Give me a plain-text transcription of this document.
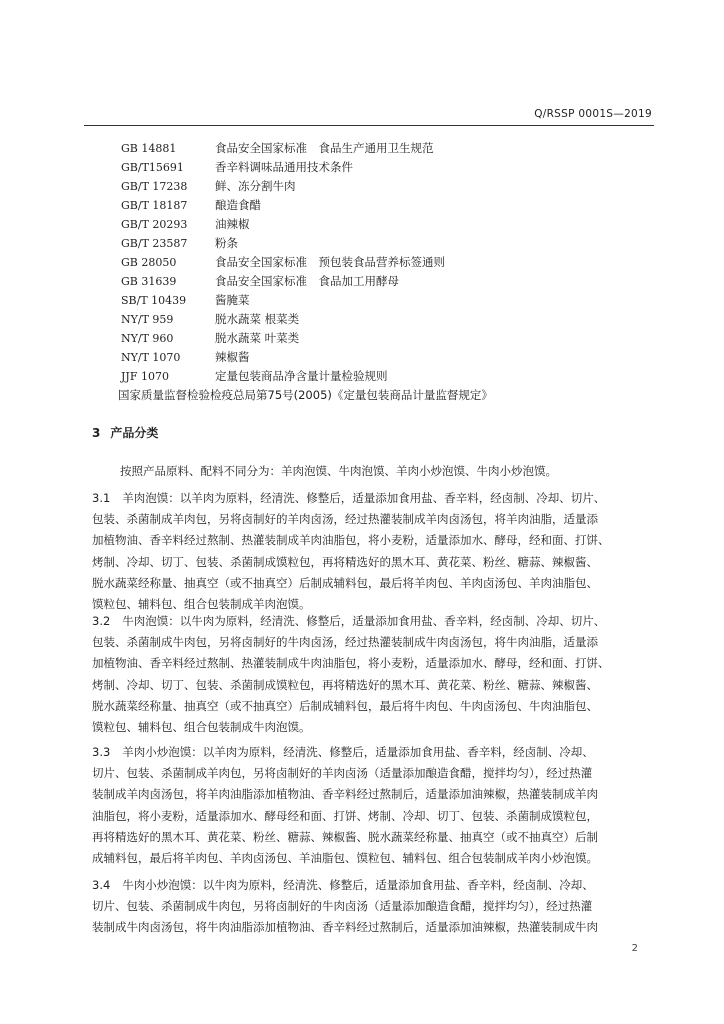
Q/RSSP 0001S—2019
GB 14881	食品安全国家标准　食品生产通用卫生规范
GB/T15691	香辛料调味品通用技术条件
GB/T 17238	鲜、冻分割牛肉
GB/T 18187	酿造食醋
GB/T 20293	油辣椒
GB/T 23587	粉条
GB 28050	食品安全国家标准　预包装食品营养标签通则
GB 31639	食品安全国家标准　食品加工用酵母
SB/T 10439	酱腌菜
NY/T 959	脱水蔬菜 根菜类
NY/T 960	脱水蔬菜 叶菜类
NY/T 1070	辣椒酱
JJF 1070	定量包装商品净含量计量检验规则
国家质量监督检验检疫总局第75号(2005)《定量包装商品计量监督规定》
3 产品分类
按照产品原料、配料不同分为：羊肉泡馍、牛肉泡馍、羊肉小炒泡馍、牛肉小炒泡馍。
3.1 羊肉泡馍：以羊肉为原料，经清洗、修整后，适量添加食用盐、香辛料，经卤制、冷却、切片、
包装、杀菌制成羊肉包，另将卤制好的羊肉卤汤，经过热灌装制成羊肉卤汤包，将羊肉油脂，适量添
加植物油、香辛料经过熬制、热灌装制成羊肉油脂包，将小麦粉，适量添加水、酵母，经和面、打饼、
烤制、冷却、切丁、包装、杀菌制成馍粒包，再将精选好的黑木耳、黄花菜、粉丝、糖蒜、辣椒酱、
脱水蔬菜经称量、抽真空（或不抽真空）后制成辅料包，最后将羊肉包、羊肉卤汤包、羊肉油脂包、
馍粒包、辅料包、组合包装制成羊肉泡馍。
3.2 牛肉泡馍：以牛肉为原料，经清洗、修整后，适量添加食用盐、香辛料，经卤制、冷却、切片、
包装、杀菌制成牛肉包，另将卤制好的牛肉卤汤，经过热灌装制成牛肉卤汤包，将牛肉油脂，适量添
加植物油、香辛料经过熬制、热灌装制成牛肉油脂包，将小麦粉，适量添加水、酵母，经和面、打饼、
烤制、冷却、切丁、包装、杀菌制成馍粒包，再将精选好的黑木耳、黄花菜、粉丝、糖蒜、辣椒酱、
脱水蔬菜经称量、抽真空（或不抽真空）后制成辅料包，最后将牛肉包、牛肉卤汤包、牛肉油脂包、
馍粒包、辅料包、组合包装制成牛肉泡馍。
3.3 羊肉小炒泡馍：以羊肉为原料，经清洗、修整后，适量添加食用盐、香辛料，经卤制、冷却、
切片、包装、杀菌制成羊肉包，另将卤制好的羊肉卤汤（适量添加酿造食醋，搅拌均匀），经过热灌
装制成羊肉卤汤包，将羊肉油脂添加植物油、香辛料经过熬制后，适量添加油辣椒，热灌装制成羊肉
油脂包，将小麦粉，适量添加水、酵母经和面、打饼、烤制、冷却、切丁、包装、杀菌制成馍粒包，
再将精选好的黑木耳、黄花菜、粉丝、糖蒜、辣椒酱、脱水蔬菜经称量、抽真空（或不抽真空）后制
成辅料包，最后将羊肉包、羊肉卤汤包、羊油脂包、馍粒包、辅料包、组合包装制成羊肉小炒泡馍。
3.4 牛肉小炒泡馍：以牛肉为原料，经清洗、修整后，适量添加食用盐、香辛料，经卤制、冷却、
切片、包装、杀菌制成牛肉包，另将卤制好的牛肉卤汤（适量添加酿造食醋，搅拌均匀），经过热灌
装制成牛肉卤汤包，将牛肉油脂添加植物油、香辛料经过熬制后，适量添加油辣椒，热灌装制成牛肉
2
